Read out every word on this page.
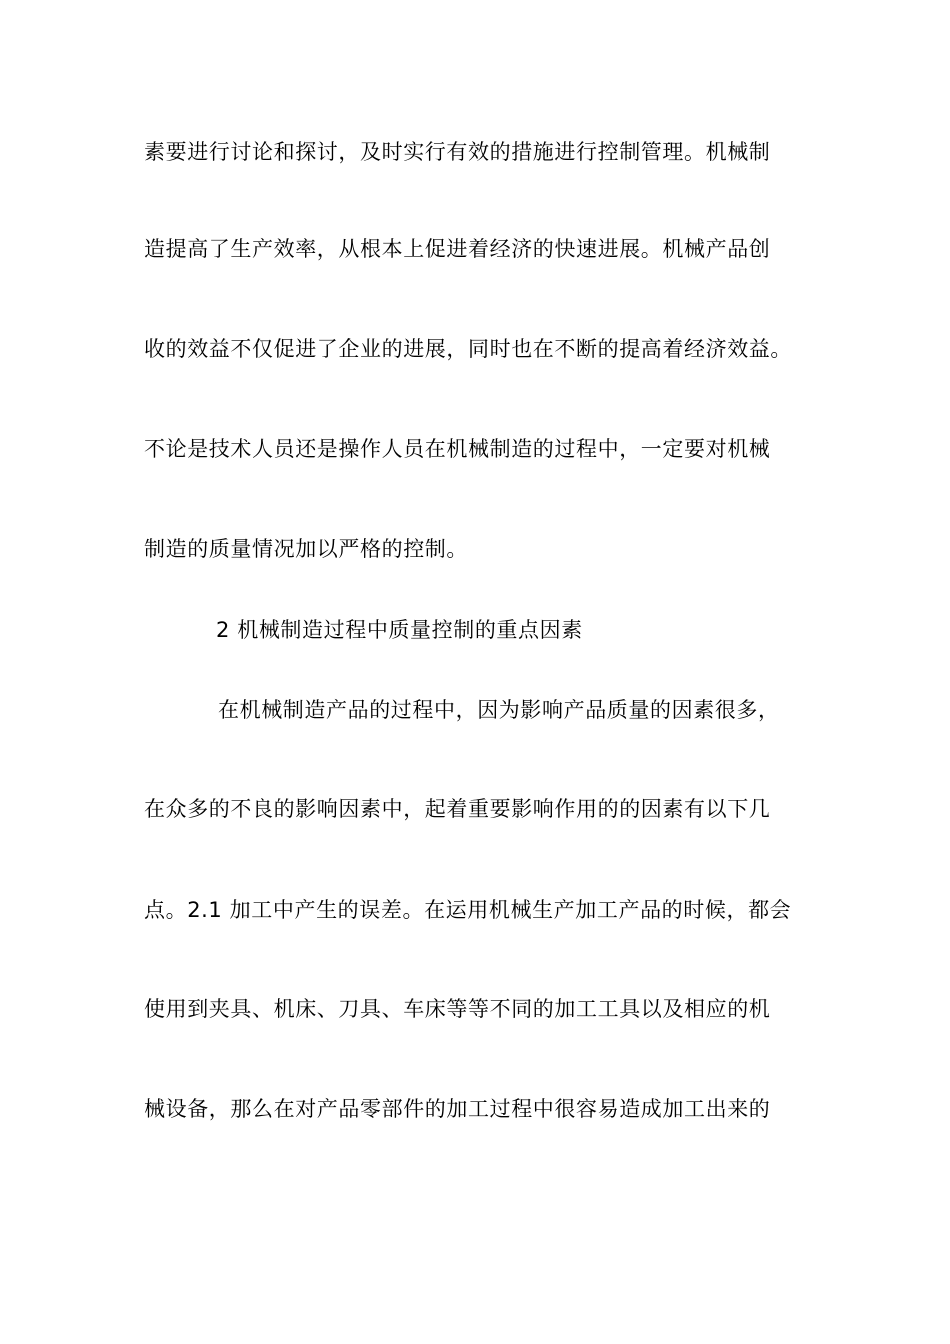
素要进行讨论和探讨，及时实行有效的措施进行控制管理。机械制
造提高了生产效率，从根本上促进着经济的快速进展。机械产品创
收的效益不仅促进了企业的进展，同时也在不断的提高着经济效益。
不论是技术人员还是操作人员在机械制造的过程中，一定要对机械
制造的质量情况加以严格的控制。
2 机械制造过程中质量控制的重点因素
在机械制造产品的过程中，因为影响产品质量的因素很多，
在众多的不良的影响因素中，起着重要影响作用的的因素有以下几
点。2.1 加工中产生的误差。在运用机械生产加工产品的时候，都会
使用到夹具、机床、刀具、车床等等不同的加工工具以及相应的机
械设备，那么在对产品零部件的加工过程中很容易造成加工出来的
